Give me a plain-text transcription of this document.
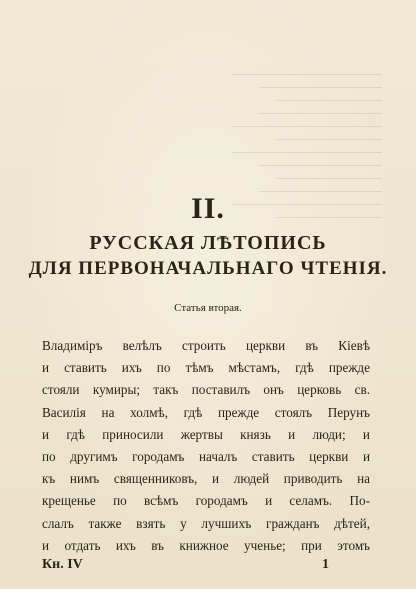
II.
РУССКАЯ ЛѢТОПИСЬ
ДЛЯ ПЕРВОНАЧАЛЬНАГО ЧТЕНІЯ.
Статья вторая.
Владиміръ велѣлъ строить церкви въ Кіевѣ
и ставить ихъ по тѣмъ мѣстамъ, гдѣ прежде
стояли кумиры; такъ поставилъ онъ церковь св.
Василія на холмѣ, гдѣ прежде стоялъ Перунъ
и гдѣ приносили жертвы князь и люди; и
по другимъ городамъ началъ ставить церкви и
къ нимъ священниковъ, и людей приводить на
крещенье по всѣмъ городамъ и селамъ. По-
слалъ также взять у лучшихъ гражданъ дѣтей,
и отдать ихъ въ книжное ученье; при этомъ
Кн. IV	1
